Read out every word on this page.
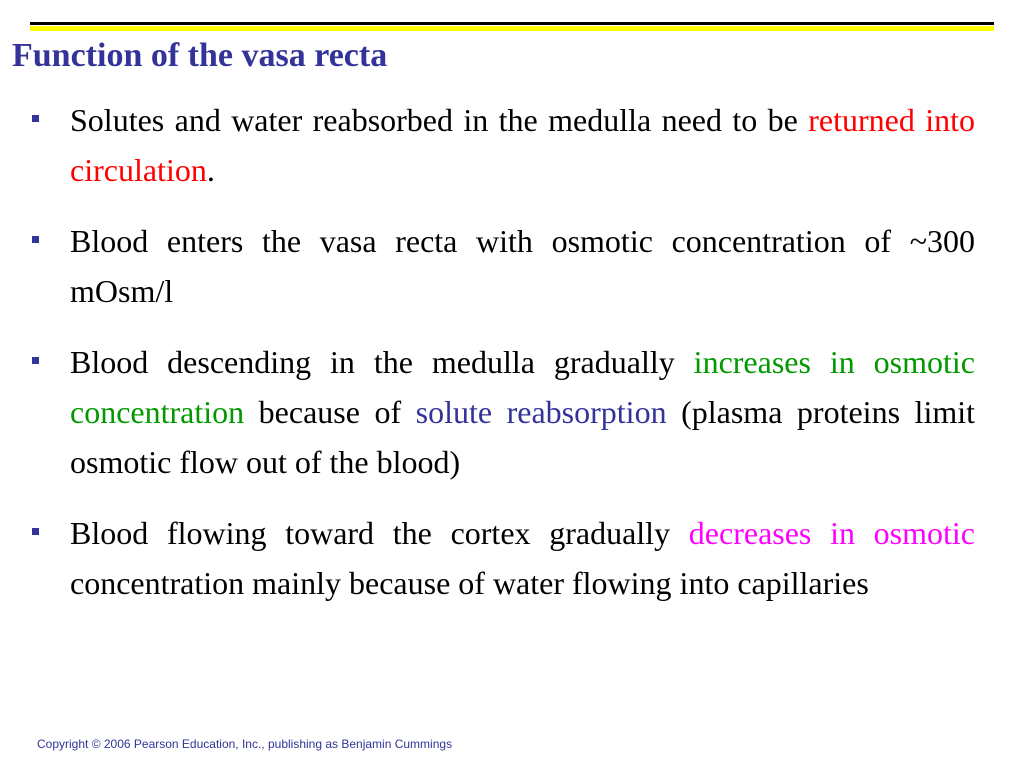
Function of the vasa recta
Solutes and water reabsorbed in the medulla need to be returned into circulation.
Blood enters the vasa recta with osmotic concentration of ~300 mOsm/l
Blood descending in the medulla gradually increases in osmotic concentration because of solute reabsorption (plasma proteins limit osmotic flow out of the blood)
Blood flowing toward the cortex gradually decreases in osmotic concentration mainly because of water flowing into capillaries
Copyright © 2006 Pearson Education, Inc., publishing as Benjamin Cummings
